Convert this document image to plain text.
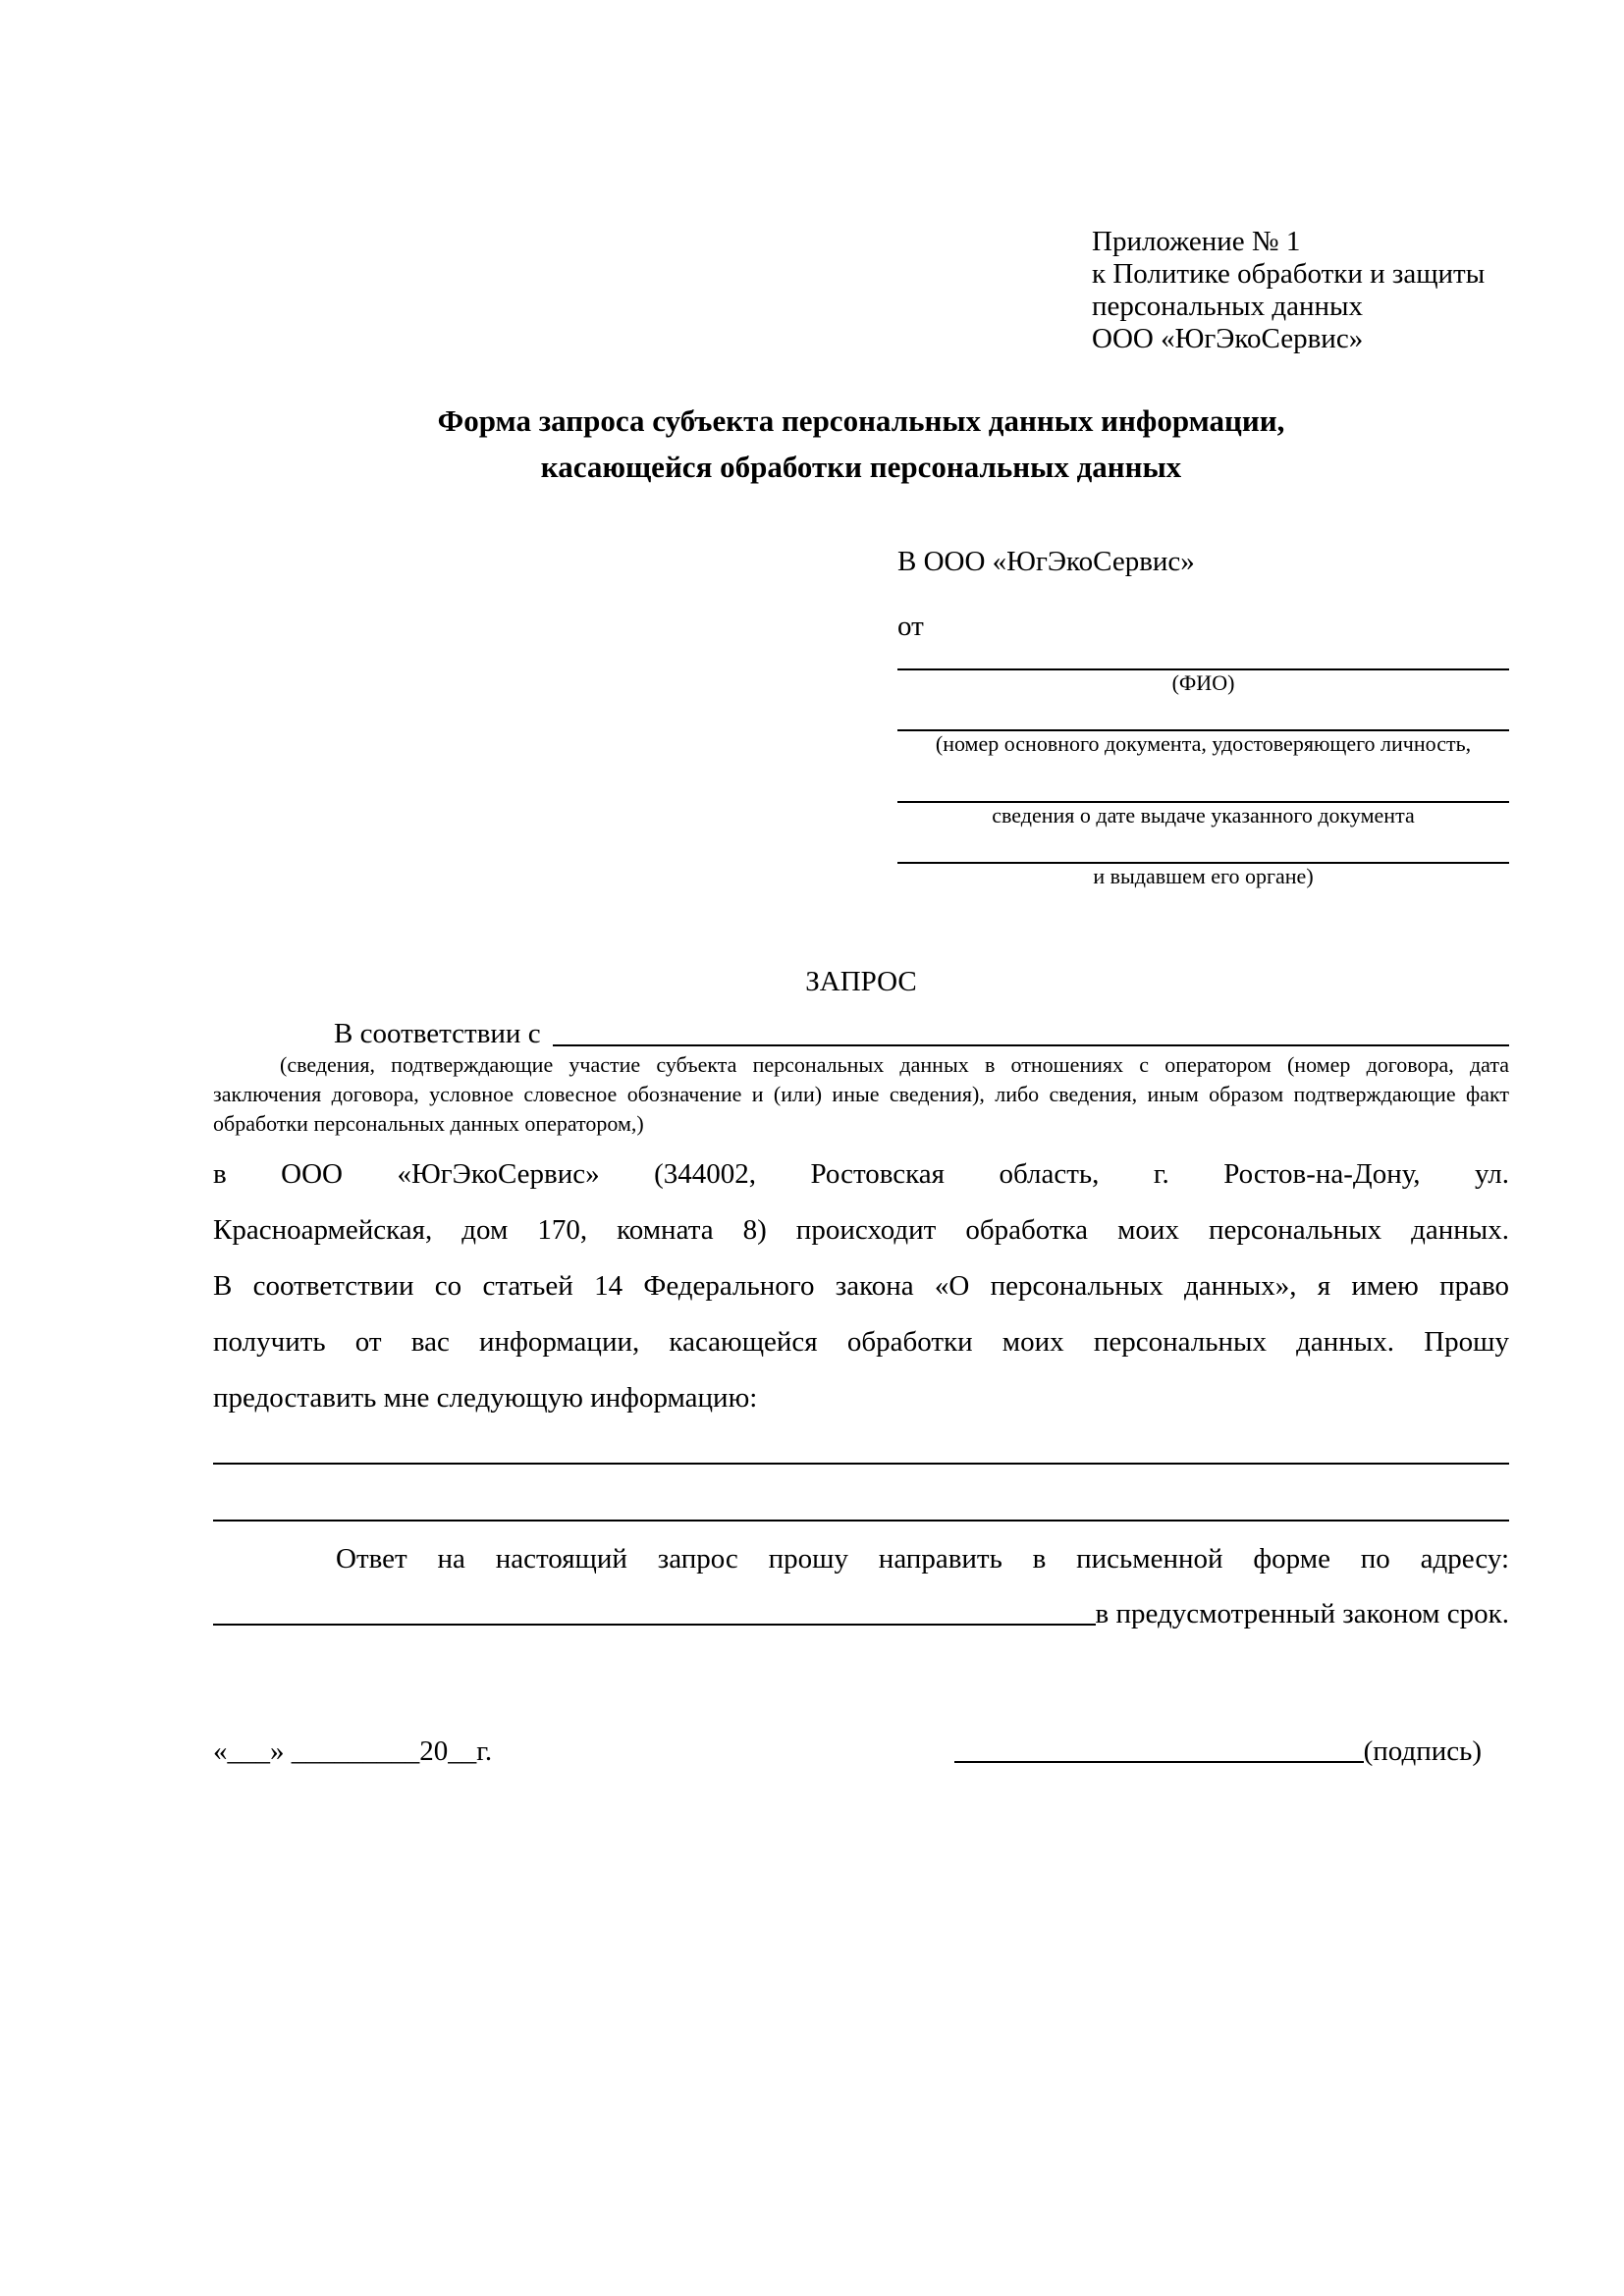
Приложение № 1
к Политике обработки и защиты
персональных данных
ООО «ЮгЭкоСервис»
Форма запроса субъекта персональных данных информации,
касающейся обработки персональных данных
В ООО «ЮгЭкоСервис»
от
(ФИО)
(номер основного документа, удостоверяющего личность,
сведения о дате выдаче указанного документа
и выдавшем его органе)
ЗАПРОС
В соответствии с
(сведения, подтверждающие участие субъекта персональных данных в отношениях с оператором (номер договора, дата
заключения договора, условное словесное обозначение и (или) иные сведения), либо сведения, иным образом подтверждающие факт
обработки персональных данных оператором,)
в ООО «ЮгЭкоСервис» (344002, Ростовская область, г. Ростов-на-Дону, ул.
Красноармейская, дом 170, комната 8) происходит обработка моих персональных данных.
В соответствии со статьей 14 Федерального закона «О персональных данных», я имею право
получить от вас информации, касающейся обработки моих персональных данных. Прошу
предоставить мне следующую информацию:
Ответ на настоящий запрос прошу направить в письменной форме по адресу:
в предусмотренный законом срок.
«___» _________20__г.	(подпись)
